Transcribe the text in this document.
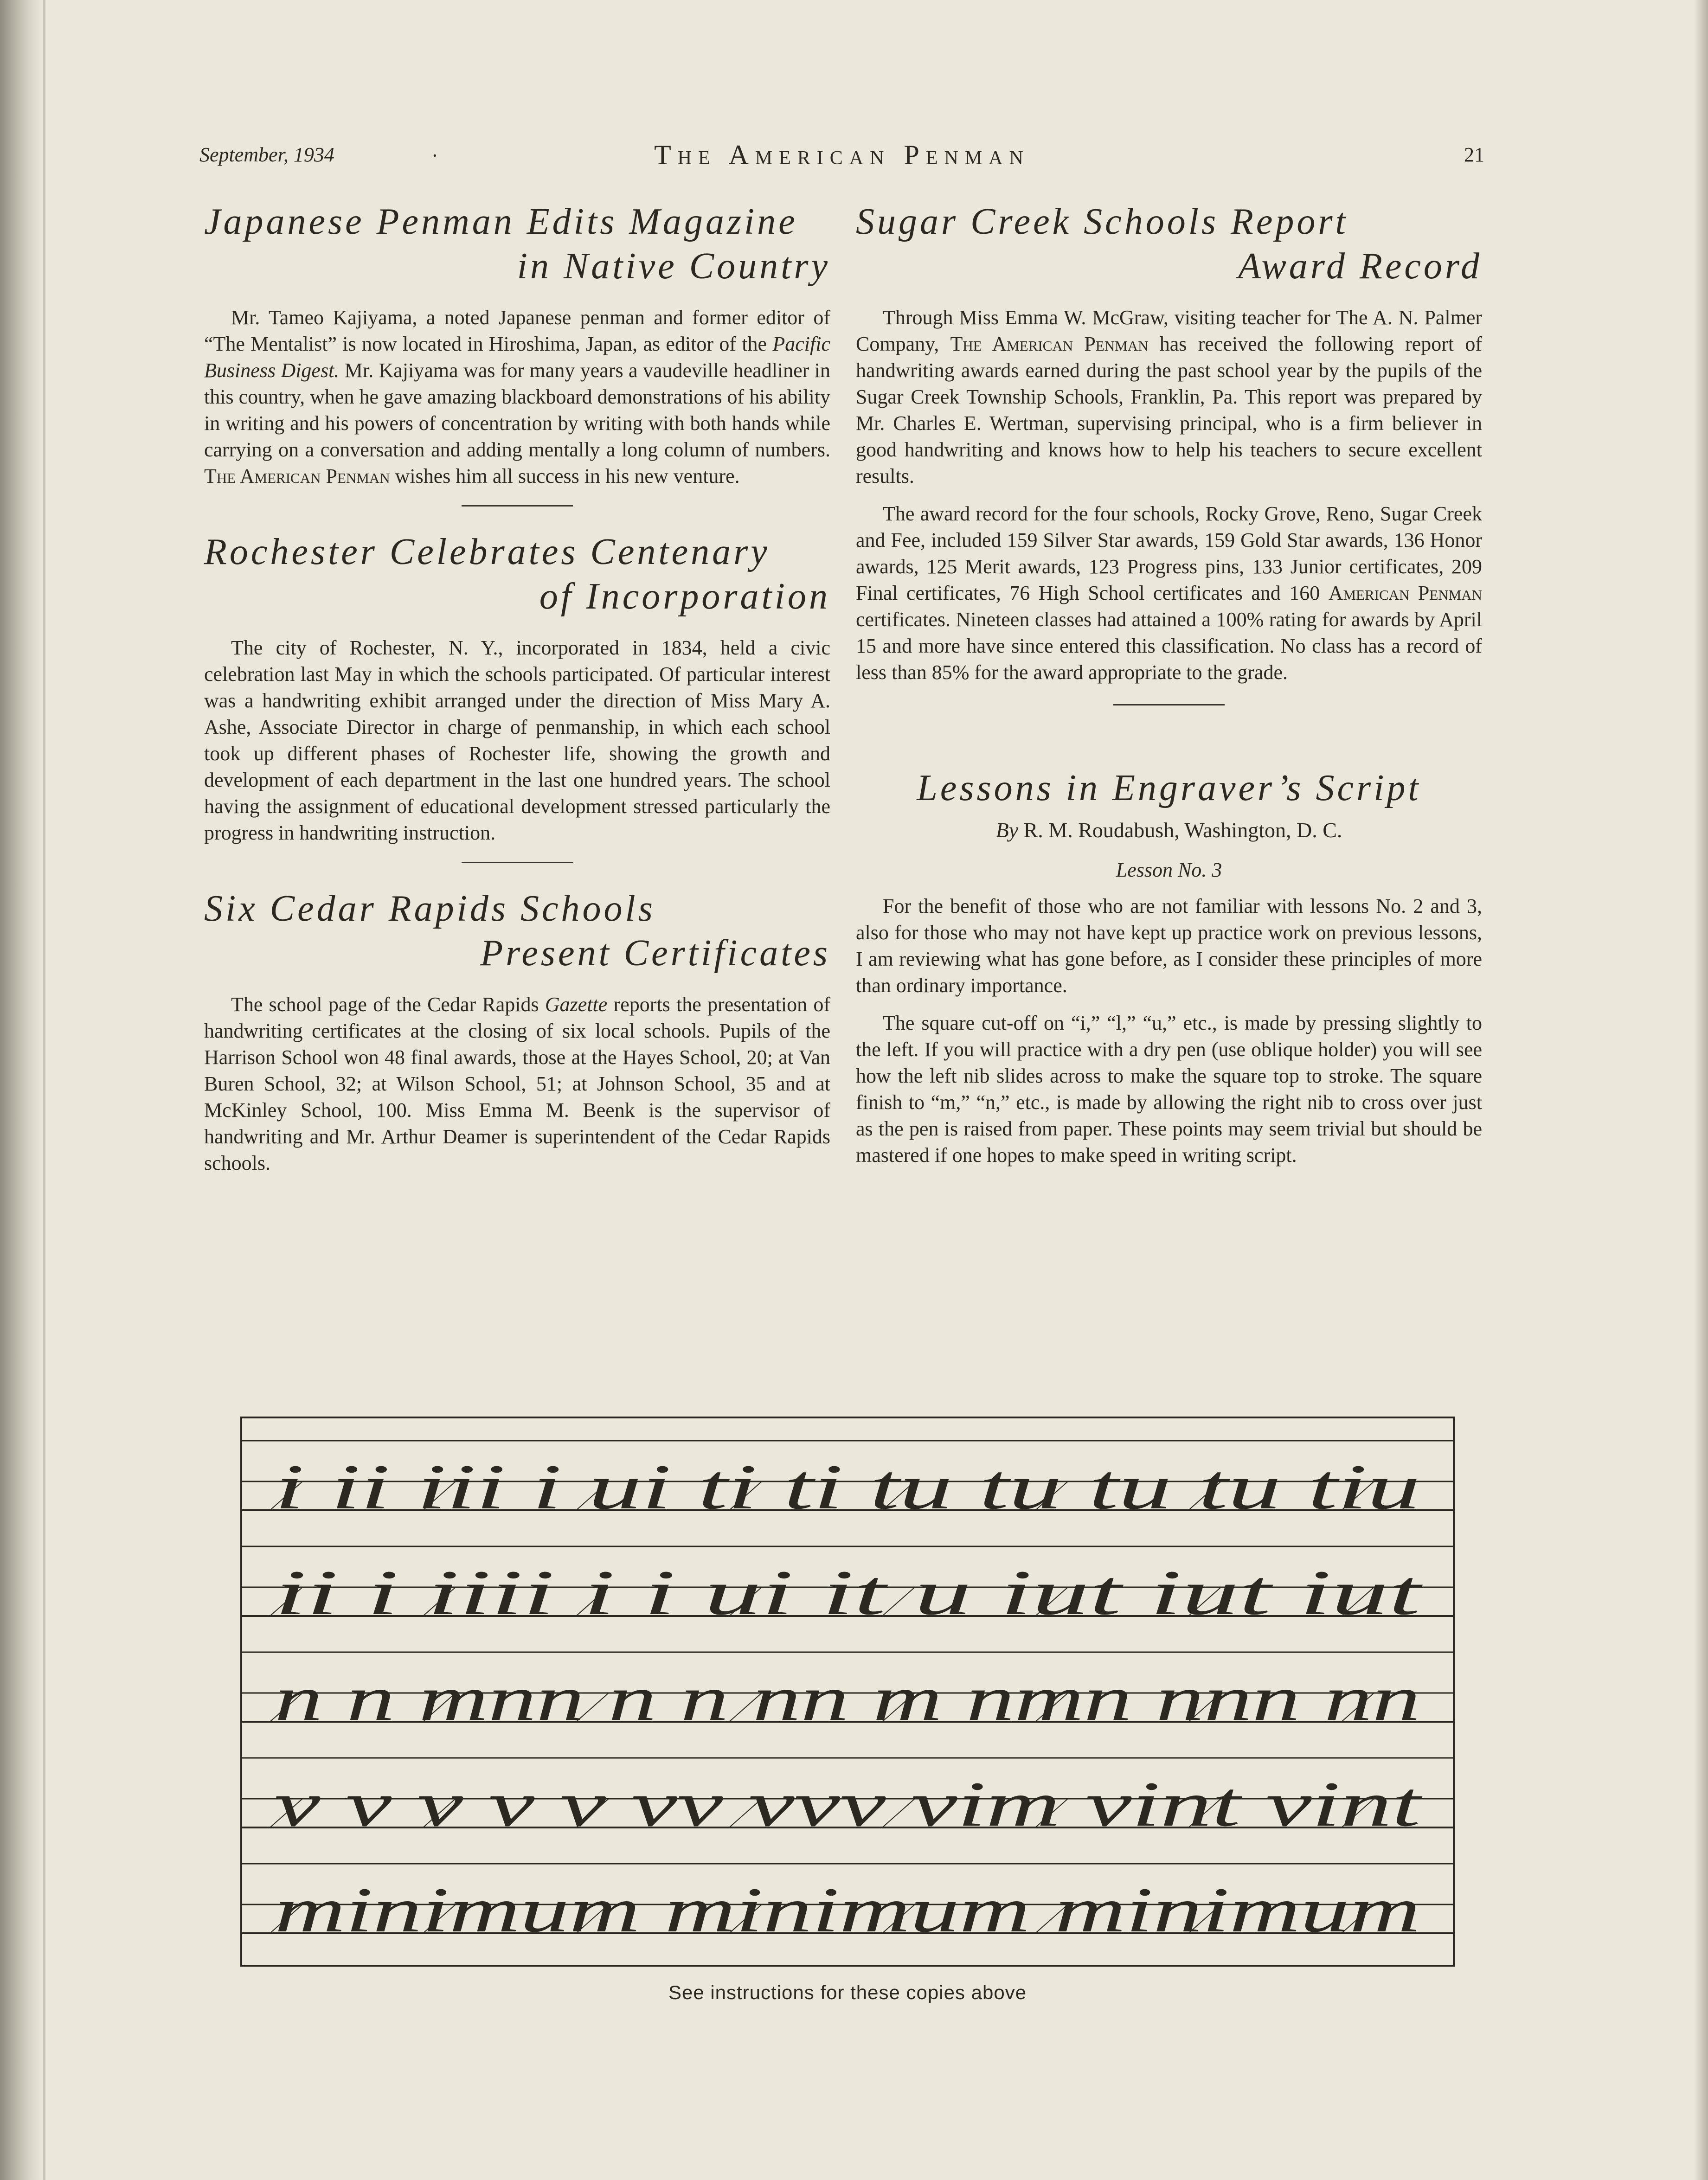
September, 1934	·	The American Penman	21
Japanese Penman Edits Magazine
in Native Country

Mr. Tameo Kajiyama, a noted Japanese penman and former editor of “The Mentalist” is now located in Hiroshima, Japan, as editor of the Pacific Business Digest. Mr. Kajiyama was for many years a vaudeville headliner in this country, when he gave amazing blackboard demonstrations of his ability in writing and his powers of concentration by writing with both hands while carrying on a conversation and adding mentally a long column of numbers. The American Penman wishes him all success in his new venture.

Rochester Celebrates Centenary
of Incorporation

The city of Rochester, N. Y., incorporated in 1834, held a civic celebration last May in which the schools participated. Of particular interest was a handwriting exhibit arranged under the direction of Miss Mary A. Ashe, Associate Director in charge of penmanship, in which each school took up different phases of Rochester life, showing the growth and development of each department in the last one hundred years. The school having the assignment of educational development stressed particularly the progress in handwriting instruction.

Six Cedar Rapids Schools
Present Certificates

The school page of the Cedar Rapids Gazette reports the presentation of handwriting certificates at the closing of six local schools. Pupils of the Harrison School won 48 final awards, those at the Hayes School, 20; at Van Buren School, 32; at Wilson School, 51; at Johnson School, 35 and at McKinley School, 100. Miss Emma M. Beenk is the supervisor of handwriting and Mr. Arthur Deamer is superintendent of the Cedar Rapids schools.

Sugar Creek Schools Report
Award Record

Through Miss Emma W. McGraw, visiting teacher for The A. N. Palmer Company, The American Penman has received the following report of handwriting awards earned during the past school year by the pupils of the Sugar Creek Township Schools, Franklin, Pa. This report was prepared by Mr. Charles E. Wertman, supervising principal, who is a firm believer in good handwriting and knows how to help his teachers to secure excellent results.

The award record for the four schools, Rocky Grove, Reno, Sugar Creek and Fee, included 159 Silver Star awards, 159 Gold Star awards, 136 Honor awards, 125 Merit awards, 123 Progress pins, 133 Junior certificates, 209 Final certificates, 76 High School certificates and 160 American Penman certificates. Nineteen classes had attained a 100% rating for awards by April 15 and more have since entered this classification. No class has a record of less than 85% for the award appropriate to the grade.

Lessons in Engraver’s Script
By R. M. Roudabush, Washington, D. C.
Lesson No. 3

For the benefit of those who are not familiar with lessons No. 2 and 3, also for those who may not have kept up practice work on previous lessons, I am reviewing what has gone before, as I consider these principles of more than ordinary importance.

The square cut-off on “i,” “l,” “u,” etc., is made by pressing slightly to the left. If you will practice with a dry pen (use oblique holder) you will see how the left nib slides across to make the square top to stroke. The square finish to “m,” “n,” etc., is made by allowing the right nib to cross over just as the pen is raised from paper. These points may seem trivial but should be mastered if one hopes to make speed in writing script.

i ii iii i ui ti ti tu tu tu tu tiu
ii i iiii i i ui it u iut iut iut
n n mnn n n nn m nmn nnn nn
v v v v v vv vvv vim vint vint
minimum minimum minimum
See instructions for these copies above
